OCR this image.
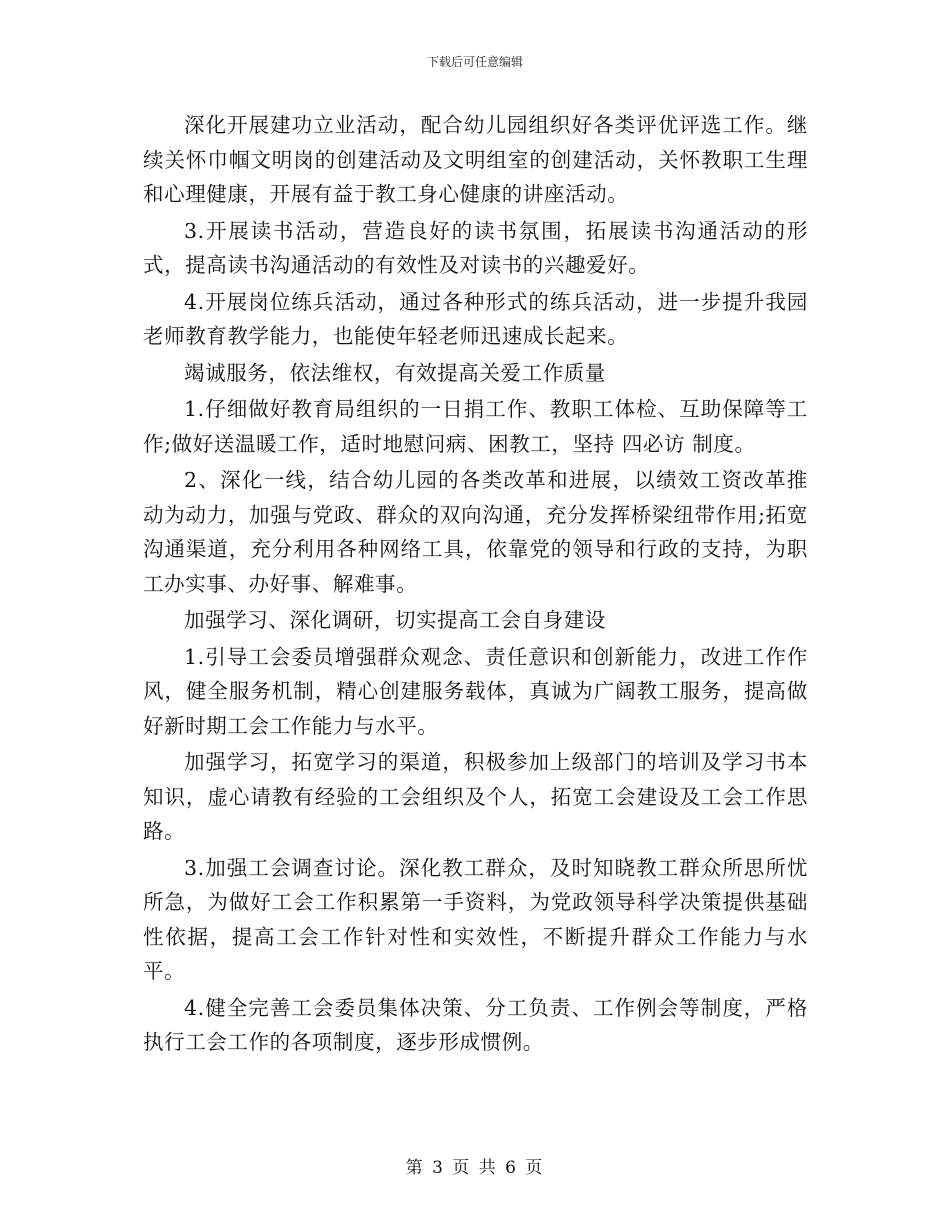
下载后可任意编辑

深化开展建功立业活动，配合幼儿园组织好各类评优评选工作。继续关怀巾帼文明岗的创建活动及文明组室的创建活动，关怀教职工生理和心理健康，开展有益于教工身心健康的讲座活动。

3.开展读书活动，营造良好的读书氛围，拓展读书沟通活动的形式，提高读书沟通活动的有效性及对读书的兴趣爱好。

4.开展岗位练兵活动，通过各种形式的练兵活动，进一步提升我园老师教育教学能力，也能使年轻老师迅速成长起来。

竭诚服务，依法维权，有效提高关爱工作质量

1.仔细做好教育局组织的一日捐工作、教职工体检、互助保障等工作;做好送温暖工作，适时地慰问病、困教工，坚持 四必访 制度。

2、深化一线，结合幼儿园的各类改革和进展，以绩效工资改革推动为动力，加强与党政、群众的双向沟通，充分发挥桥梁纽带作用;拓宽沟通渠道，充分利用各种网络工具，依靠党的领导和行政的支持，为职工办实事、办好事、解难事。

加强学习、深化调研，切实提高工会自身建设

1.引导工会委员增强群众观念、责任意识和创新能力，改进工作作风，健全服务机制，精心创建服务载体，真诚为广阔教工服务，提高做好新时期工会工作能力与水平。

加强学习，拓宽学习的渠道，积极参加上级部门的培训及学习书本知识，虚心请教有经验的工会组织及个人，拓宽工会建设及工会工作思路。

3.加强工会调查讨论。深化教工群众，及时知晓教工群众所思所忧所急，为做好工会工作积累第一手资料，为党政领导科学决策提供基础性依据，提高工会工作针对性和实效性，不断提升群众工作能力与水平。

4.健全完善工会委员集体决策、分工负责、工作例会等制度，严格执行工会工作的各项制度，逐步形成惯例。

第 3 页 共 6 页
